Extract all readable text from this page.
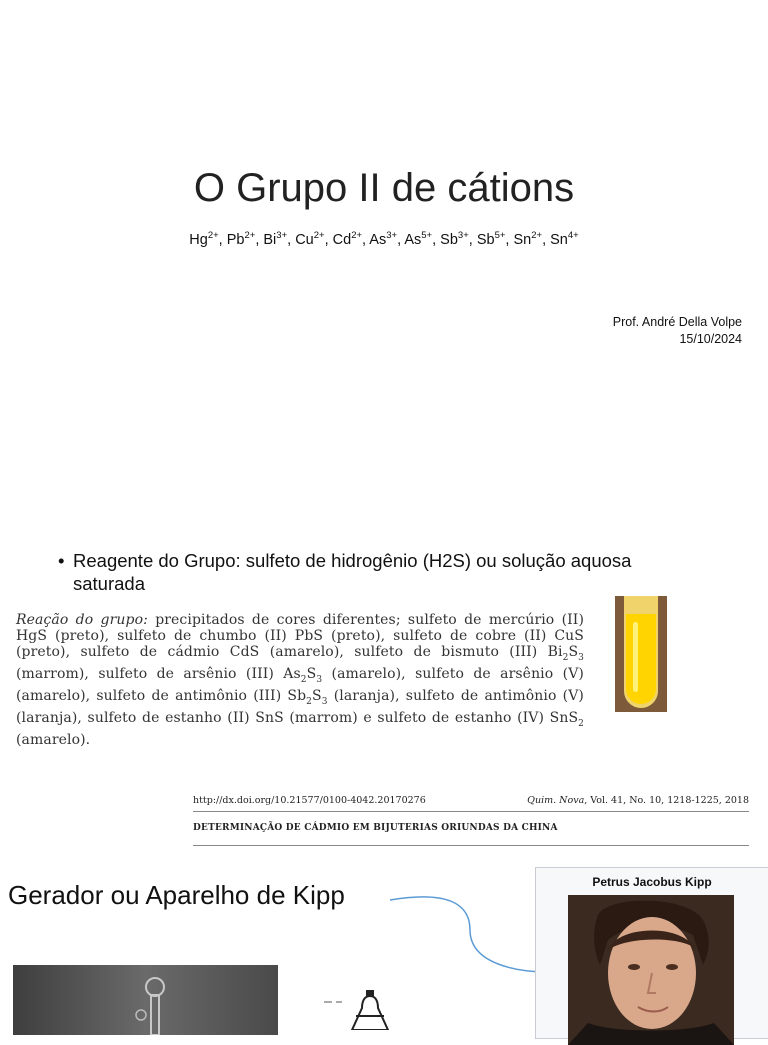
O Grupo II de cátions
$Hg^{2+}$, $Pb^{2+}$, $Bi^{3+}$, $Cu^{2+}$, $Cd^{2+}$, $As^{3+}$, $As^{5+}$, $Sb^{3+}$, $Sb^{5+}$, $Sn^{2+}$, $Sn^{4+}$
Prof. André Della Volpe
15/10/2024
• Reagente do Grupo: sulfeto de hidrogênio (H2S) ou solução aquosa saturada
Reação do grupo: precipitados de cores diferentes; sulfeto de mercúrio (II) HgS (preto), sulfeto de chumbo (II) PbS (preto), sulfeto de cobre (II) CuS (preto), sulfeto de cádmio CdS (amarelo), sulfeto de bismuto (III) $Bi_2S_3$ (marrom), sulfeto de arsênio (III) $As_2S_3$ (amarelo), sulfeto de arsênio (V) (amarelo), sulfeto de antimônio (III) $Sb_2S_3$ (laranja), sulfeto de antimônio (V) (laranja), sulfeto de estanho (II) SnS (marrom) e sulfeto de estanho (IV) SnS$_2$ (amarelo).
http://dx.doi.org/10.21577/0100-4042.20170276	Quim. Nova, Vol. 41, No. 10, 1218-1225, 2018
DETERMINAÇÃO DE CÁDMIO EM BIJUTERIAS ORIUNDAS DA CHINA
Gerador ou Aparelho de Kipp	Petrus Jacobus Kipp
